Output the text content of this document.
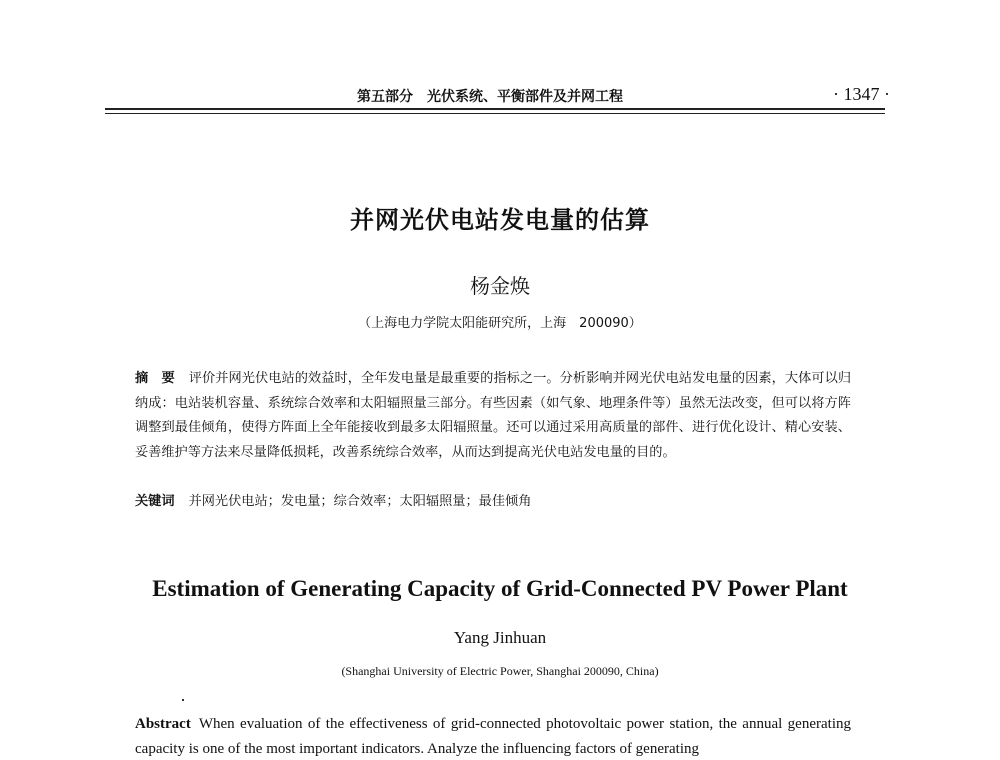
第五部分　光伏系统、平衡部件及并网工程	· 1347 ·
并网光伏电站发电量的估算
杨金焕
（上海电力学院太阳能研究所，上海　200090）
摘　要 评价并网光伏电站的效益时，全年发电量是最重要的指标之一。分析影响并网光伏电站发电量的因素，大体可以归纳成：电站装机容量、系统综合效率和太阳辐照量三部分。有些因素（如气象、地理条件等）虽然无法改变，但可以将方阵调整到最佳倾角，使得方阵面上全年能接收到最多太阳辐照量。还可以通过采用高质量的部件、进行优化设计、精心安装、妥善维护等方法来尽量降低损耗，改善系统综合效率，从而达到提高光伏电站发电量的目的。
关键词 并网光伏电站；发电量；综合效率；太阳辐照量；最佳倾角
Estimation of Generating Capacity of Grid-Connected PV Power Plant
Yang Jinhuan
(Shanghai University of Electric Power, Shanghai 200090, China)
Abstract When evaluation of the effectiveness of grid-connected photovoltaic power station, the annual generating capacity is one of the most important indicators. Analyze the influencing factors of generating
